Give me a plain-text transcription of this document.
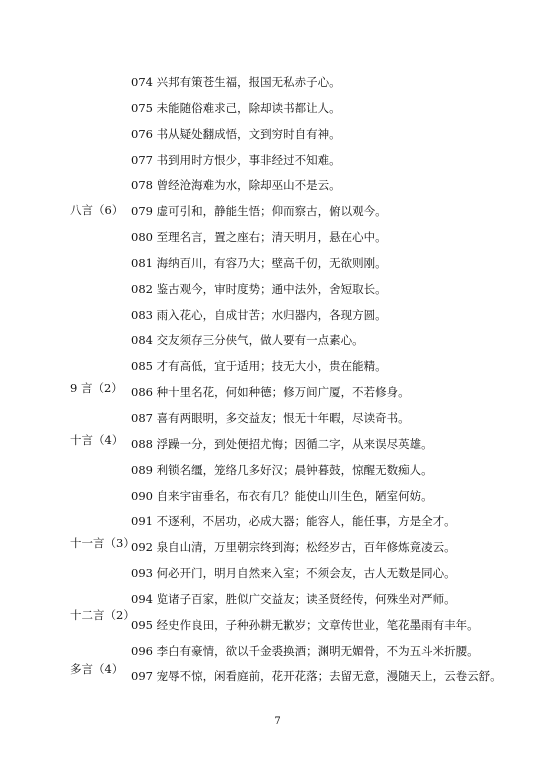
074 兴邦有策苍生福，报国无私赤子心。
075 未能随俗难求己，除却读书都让人。
076 书从疑处翻成悟，文到穷时自有神。
077 书到用时方恨少，事非经过不知难。
078 曾经沧海难为水，除却巫山不是云。
079 虚可引和，静能生悟；仰而察古，俯以观今。
080 至理名言，置之座右；清天明月，悬在心中。
081 海纳百川，有容乃大；壁高千仞，无欲则刚。
082 鉴古观今，审时度势；通中法外，舍短取长。
083 雨入花心，自成甘苦；水归器内，各现方圆。
084 交友须存三分侠气，做人要有一点素心。
085 才有高低，宜于适用；技无大小，贵在能精。
086 种十里名花，何如种德；修万间广厦，不若修身。
087 喜有两眼明，多交益友；恨无十年暇，尽读奇书。
088 浮躁一分，到处便招尤悔；因循二字，从来误尽英雄。
089 利锁名缰，笼络几多好汉；晨钟暮鼓，惊醒无数痴人。
090 自来宇宙垂名，布衣有几？能使山川生色，陋室何妨。
091 不逐利，不居功，必成大器；能容人，能任事，方是全才。
092 泉自山清，万里朝宗终到海；松经岁古，百年修炼竟凌云。
093 何必开门，明月自然来入室；不须会友，古人无数是同心。
094 览诸子百家，胜似广交益友；读圣贤经传，何殊坐对严师。
095 经史作良田，子种孙耕无歉岁；文章传世业，笔花墨雨有丰年。
096 李白有豪情，欲以千金裘换酒；渊明无媚骨，不为五斗米折腰。
097 宠辱不惊，闲看庭前，花开花落；去留无意，漫随天上，云卷云舒。
八言（6）
9 言（2）
十言（4）
十一言（3）
十二言（2）
多言（4）
7
